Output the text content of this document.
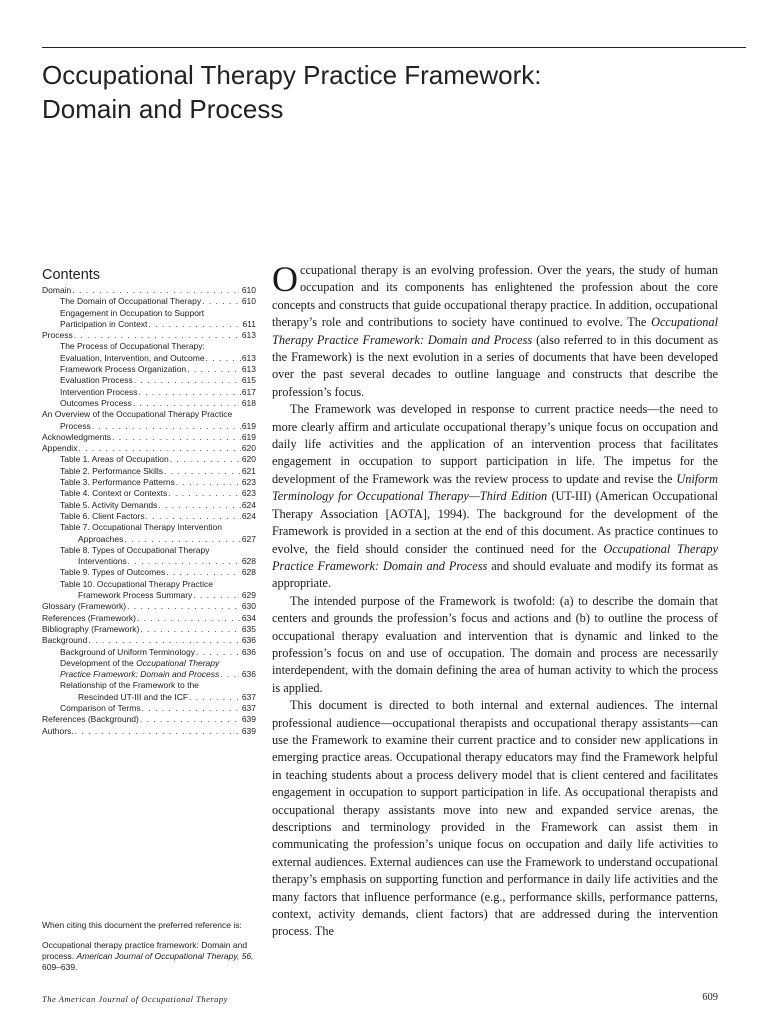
Occupational Therapy Practice Framework:
Domain and Process
Contents
Domain . . .	610
The Domain of Occupational Therapy . . .	610
Engagement in Occupation to Support
Participation in Context . . .	611
Process . . .	613
The Process of Occupational Therapy:
Evaluation, Intervention, and Outcome . . .	613
Framework Process Organization . . .	613
Evaluation Process . . .	615
Intervention Process . . .	617
Outcomes Process . . .	618
An Overview of the Occupational Therapy Practice
Process . . .	619
Acknowledgments . . .	619
Appendix . . .	620
Table 1. Areas of Occupation . . .	620
Table 2. Performance Skills . . .	621
Table 3. Performance Patterns . . .	623
Table 4. Context or Contexts . . .	623
Table 5. Activity Demands . . .	624
Table 6. Client Factors . . .	624
Table 7. Occupational Therapy Intervention
Approaches . . .	627
Table 8. Types of Occupational Therapy
Interventions . . .	628
Table 9. Types of Outcomes . . .	628
Table 10. Occupational Therapy Practice
Framework Process Summary . . .	629
Glossary (Framework) . . .	630
References (Framework) . . .	634
Bibliography (Framework) . . .	635
Background . . .	636
Background of Uniform Terminology . . .	636
Development of the Occupational Therapy
Practice Framework: Domain and Process . . .	636
Relationship of the Framework to the
Rescinded UT-III and the ICF . . .	637
Comparison of Terms . . .	637
References (Background) . . .	639
Authors. . . .	639

When citing this document the preferred reference is:

Occupational therapy practice framework: Domain and process. American Journal of Occupational Therapy, 56, 609–639.

Occupational therapy is an evolving profession. Over the years, the study of human occupation and its components has enlightened the profession about the core concepts and constructs that guide occupational therapy practice. In addition, occupational therapy’s role and contributions to society have continued to evolve. The Occupational Therapy Practice Framework: Domain and Process (also referred to in this document as the Framework) is the next evolution in a series of documents that have been developed over the past several decades to outline language and constructs that describe the profession’s focus.

The Framework was developed in response to current practice needs—the need to more clearly affirm and articulate occupational therapy’s unique focus on occupation and daily life activities and the application of an intervention process that facilitates engagement in occupation to support participation in life. The impetus for the development of the Framework was the review process to update and revise the Uniform Terminology for Occupational Therapy—Third Edition (UT-III) (American Occupational Therapy Association [AOTA], 1994). The background for the development of the Framework is provided in a section at the end of this document. As practice continues to evolve, the field should consider the continued need for the Occupational Therapy Practice Framework: Domain and Process and should evaluate and modify its format as appropriate.

The intended purpose of the Framework is twofold: (a) to describe the domain that centers and grounds the profession’s focus and actions and (b) to outline the process of occupational therapy evaluation and intervention that is dynamic and linked to the profession’s focus on and use of occupation. The domain and process are necessarily interdependent, with the domain defining the area of human activity to which the process is applied.

This document is directed to both internal and external audiences. The internal professional audience—occupational therapists and occupational therapy assistants—can use the Framework to examine their current practice and to consider new applications in emerging practice areas. Occupational therapy educators may find the Framework helpful in teaching students about a process delivery model that is client centered and facilitates engagement in occupation to support participation in life. As occupational therapists and occupational therapy assistants move into new and expanded service arenas, the descriptions and terminology provided in the Framework can assist them in communicating the profession’s unique focus on occupation and daily life activities to external audiences. External audiences can use the Framework to understand occupational therapy’s emphasis on supporting function and performance in daily life activities and the many factors that influence performance (e.g., performance skills, performance patterns, context, activity demands, client factors) that are addressed during the intervention process. The

The American Journal of Occupational Therapy	609
